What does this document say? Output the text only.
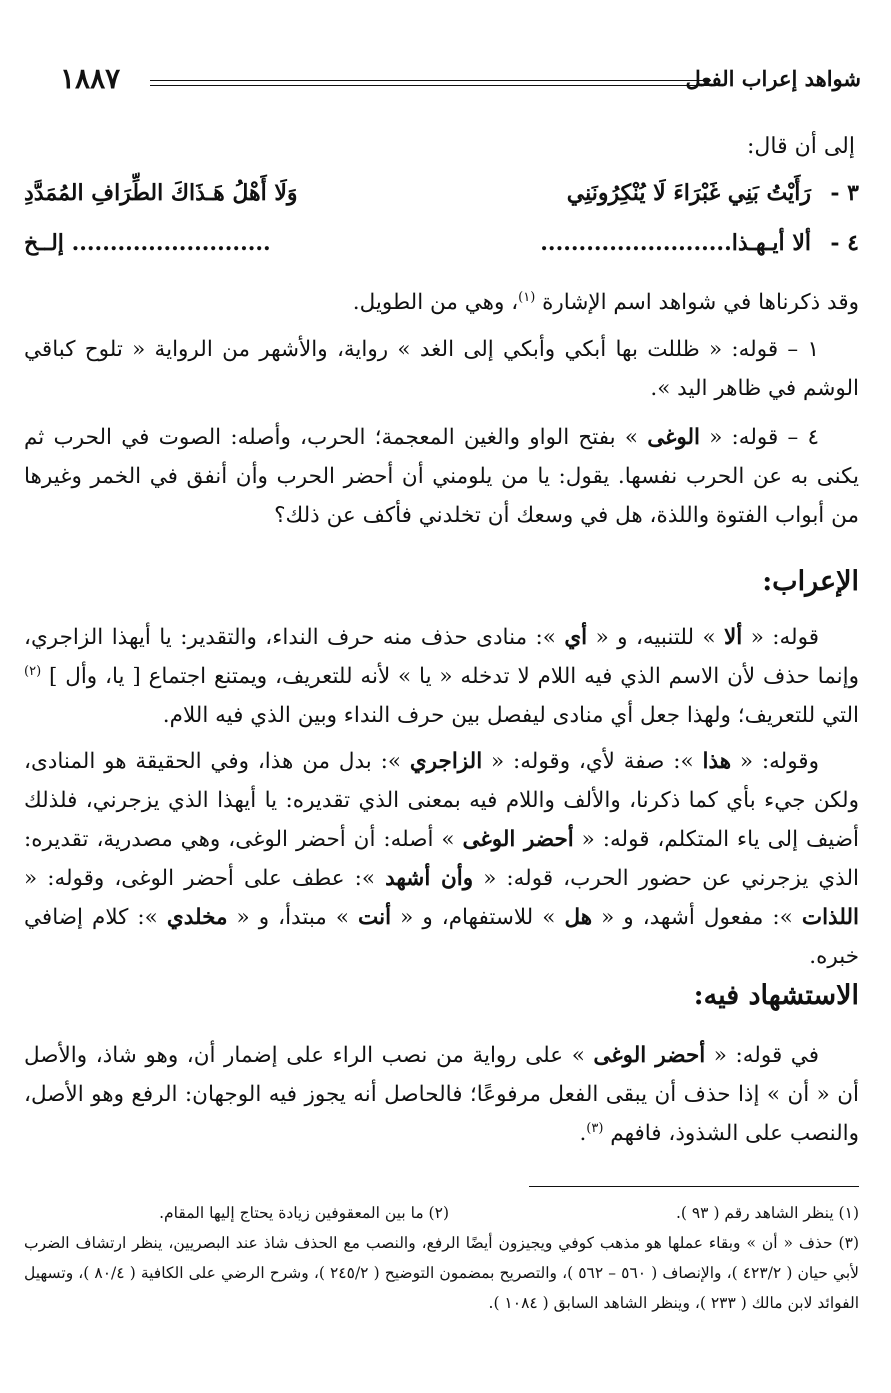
شواهد إعراب الفعل
١٨٨٧
إلى أن قال:
٣ -
رَأَيْتُ بَنِي غَبْرَاءَ لَا يُنْكِرُونَنِي
وَلَا أَهْلُ هَـذَاكَ الطِّرَافِ المُمَدَّدِ
٤ -
ألا أيـهـذا.........................
.......................... إلــخ
وقد ذكرناها في شواهد اسم الإشارة $^{(١)}$، وهي من الطويل.
١ – قوله: « ظللت بها أبكي وأبكي إلى الغد » رواية، والأشهر من الرواية « تلوح كباقي الوشم في ظاهر اليد ».
٤ – قوله: « الوغى » بفتح الواو والغين المعجمة؛ الحرب، وأصله: الصوت في الحرب ثم يكنى به عن الحرب نفسها. يقول: يا من يلومني أن أحضر الحرب وأن أنفق في الخمر وغيرها من أبواب الفتوة واللذة، هل في وسعك أن تخلدني فأكف عن ذلك؟
الإعراب:
قوله: « ألا » للتنبيه، و « أي »: منادى حذف منه حرف النداء، والتقدير: يا أيهذا الزاجري، وإنما حذف لأن الاسم الذي فيه اللام لا تدخله « يا » لأنه للتعريف، ويمتنع اجتماع [ يا، وأل ] $^{(٢)}$ التي للتعريف؛ ولهذا جعل أي منادى ليفصل بين حرف النداء وبين الذي فيه اللام.
وقوله: « هذا »: صفة لأي، وقوله: « الزاجري »: بدل من هذا، وفي الحقيقة هو المنادى، ولكن جيء بأي كما ذكرنا، والألف واللام فيه بمعنى الذي تقديره: يا أيهذا الذي يزجرني، فلذلك أضيف إلى ياء المتكلم، قوله: « أحضر الوغى » أصله: أن أحضر الوغى، وهي مصدرية، تقديره: الذي يزجرني عن حضور الحرب، قوله: « وأن أشهد »: عطف على أحضر الوغى، وقوله: « اللذات »: مفعول أشهد، و « هل » للاستفهام، و « أنت » مبتدأ، و « مخلدي »: كلام إضافي خبره.
الاستشهاد فيه:
في قوله: « أحضر الوغى » على رواية من نصب الراء على إضمار أن، وهو شاذ، والأصل أن « أن » إذا حذف أن يبقى الفعل مرفوعًا؛ فالحاصل أنه يجوز فيه الوجهان: الرفع وهو الأصل، والنصب على الشذوذ، فافهم $^{(٣)}$.
(١) ينظر الشاهد رقم ( ٩٣ ).
(٢) ما بين المعقوفين زيادة يحتاج إليها المقام.
(٣) حذف « أن » وبقاء عملها هو مذهب كوفي ويجيزون أيضًا الرفع، والنصب مع الحذف شاذ عند البصريين، ينظر ارتشاف الضرب لأبي حيان ( ٤٢٣/٢ )، والإنصاف ( ٥٦٠ – ٥٦٢ )، والتصريح بمضمون التوضيح ( ٢٤٥/٢ )، وشرح الرضي على الكافية ( ٨٠/٤ )، وتسهيل الفوائد لابن مالك ( ٢٣٣ )، وينظر الشاهد السابق ( ١٠٨٤ ).
